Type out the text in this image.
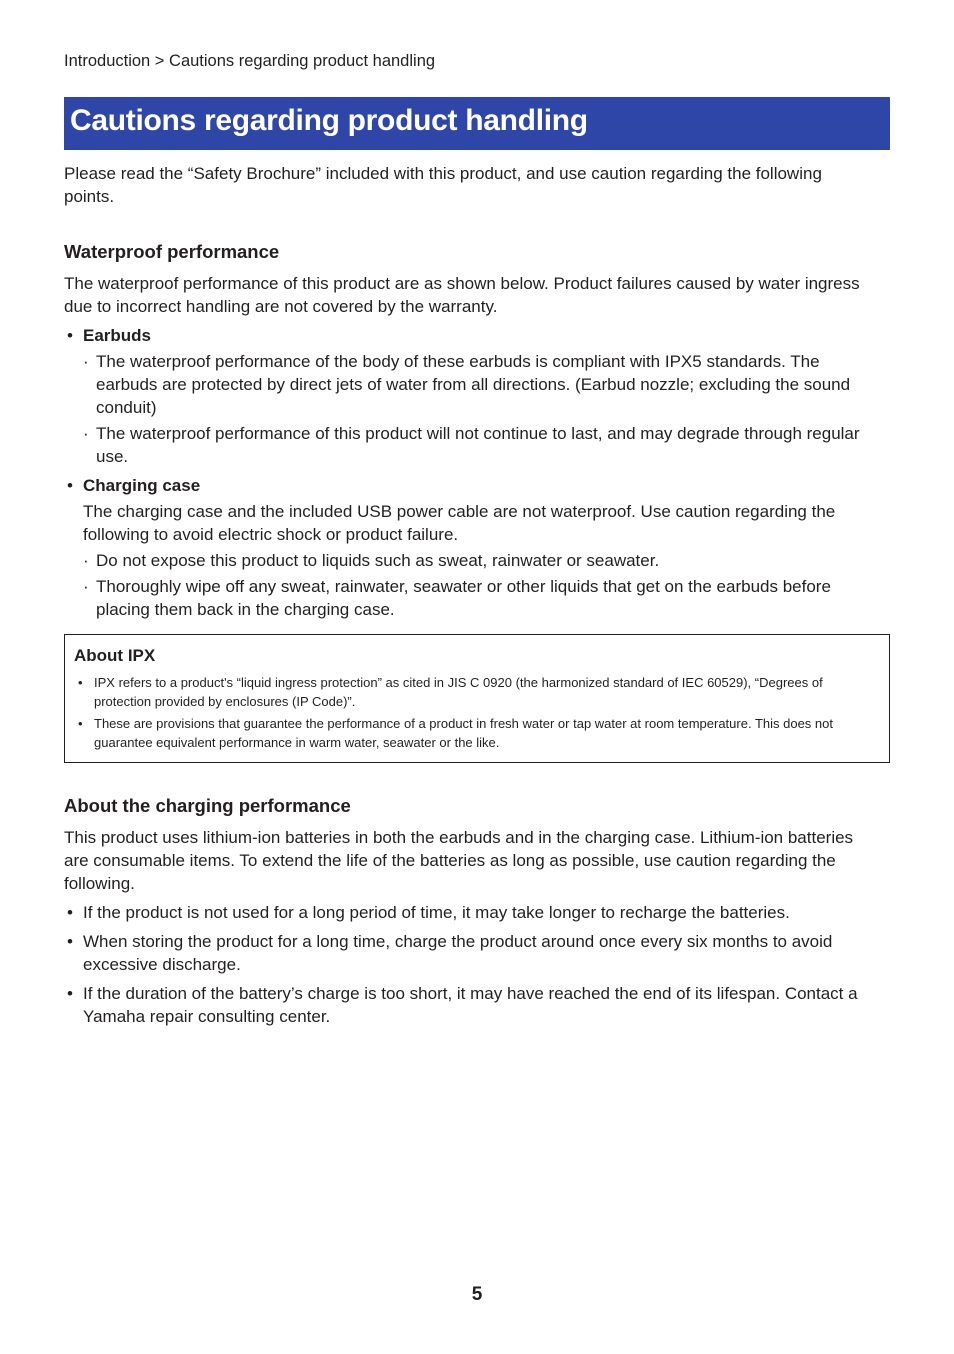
Introduction > Cautions regarding product handling
Cautions regarding product handling

Please read the “Safety Brochure” included with this product, and use caution regarding the following points.

Waterproof performance

The waterproof performance of this product are as shown below. Product failures caused by water ingress due to incorrect handling are not covered by the warranty.

• Earbuds
· The waterproof performance of the body of these earbuds is compliant with IPX5 standards. The earbuds are protected by direct jets of water from all directions. (Earbud nozzle; excluding the sound conduit)
· The waterproof performance of this product will not continue to last, and may degrade through regular use.
• Charging case

The charging case and the included USB power cable are not waterproof. Use caution regarding the following to avoid electric shock or product failure.

· Do not expose this product to liquids such as sweat, rainwater or seawater.
· Thoroughly wipe off any sweat, rainwater, seawater or other liquids that get on the earbuds before placing them back in the charging case.
About IPX
• IPX refers to a product's “liquid ingress protection” as cited in JIS C 0920 (the harmonized standard of IEC 60529), “Degrees of protection provided by enclosures (IP Code)”.
• These are provisions that guarantee the performance of a product in fresh water or tap water at room temperature. This does not guarantee equivalent performance in warm water, seawater or the like.
About the charging performance

This product uses lithium-ion batteries in both the earbuds and in the charging case. Lithium-ion batteries are consumable items. To extend the life of the batteries as long as possible, use caution regarding the following.

• If the product is not used for a long period of time, it may take longer to recharge the batteries.
• When storing the product for a long time, charge the product around once every six months to avoid excessive discharge.
• If the duration of the battery’s charge is too short, it may have reached the end of its lifespan. Contact a Yamaha repair consulting center.
5
